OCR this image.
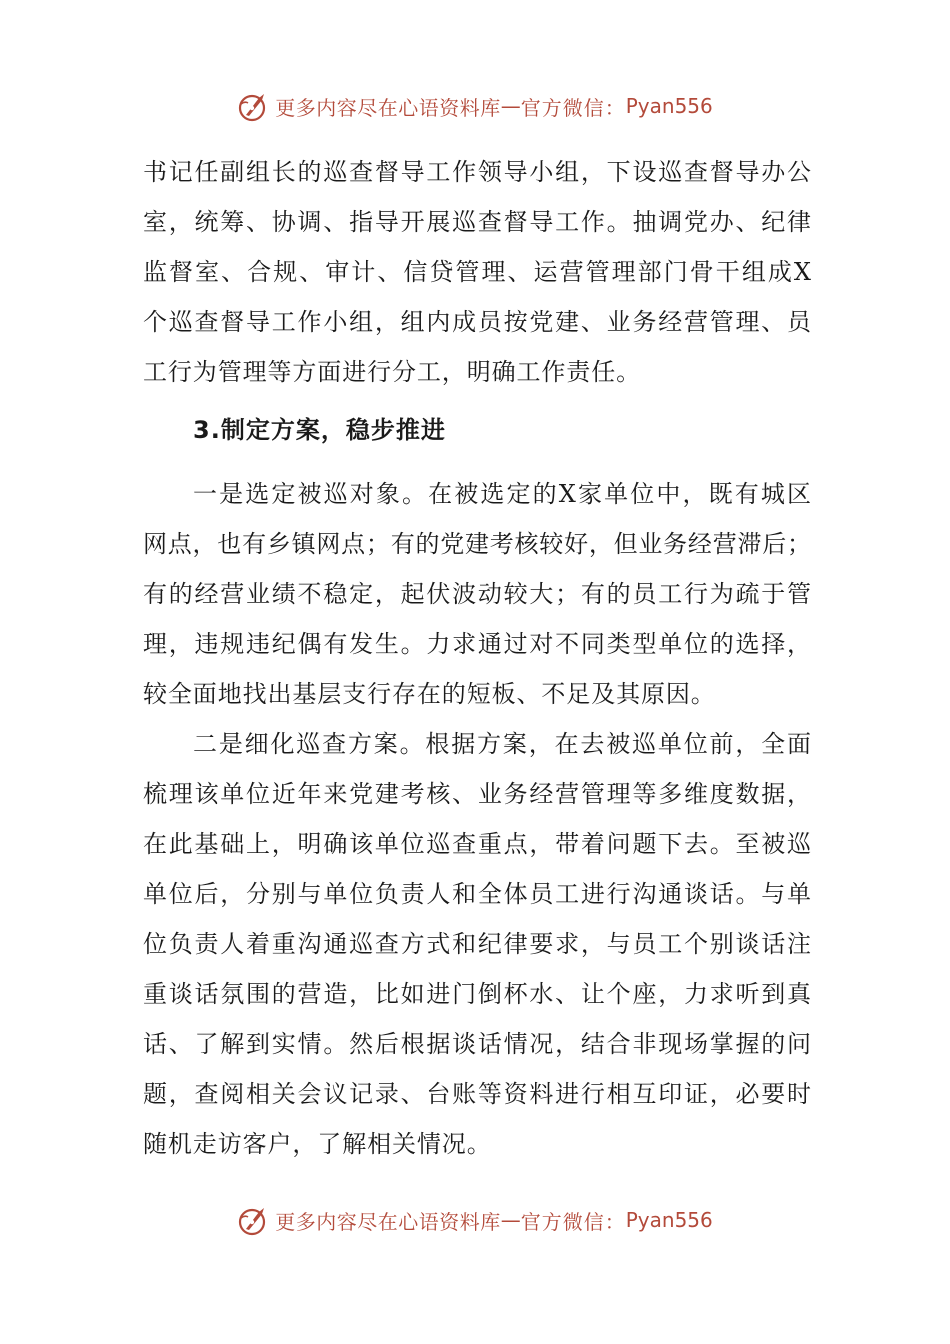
更多内容尽在心语资料库 — 官方微信： Pyan556
书记任副组长的巡查督导工作领导小组，下设巡查督导办公
室，统筹、协调、指导开展巡查督导工作。抽调党办、纪律
监督室、合规、审计、信贷管理、运营管理部门骨干组成X
个巡查督导工作小组，组内成员按党建、业务经营管理、员
工行为管理等方面进行分工，明确工作责任。
3.制定方案，稳步推进
一是选定被巡对象。在被选定的X家单位中，既有城区
网点，也有乡镇网点；有的党建考核较好，但业务经营滞后；
有的经营业绩不稳定，起伏波动较大；有的员工行为疏于管
理，违规违纪偶有发生。力求通过对不同类型单位的选择，
较全面地找出基层支行存在的短板、不足及其原因。
二是细化巡查方案。根据方案，在去被巡单位前，全面
梳理该单位近年来党建考核、业务经营管理等多维度数据，
在此基础上，明确该单位巡查重点，带着问题下去。至被巡
单位后，分别与单位负责人和全体员工进行沟通谈话。与单
位负责人着重沟通巡查方式和纪律要求，与员工个别谈话注
重谈话氛围的营造，比如进门倒杯水、让个座，力求听到真
话、了解到实情。然后根据谈话情况，结合非现场掌握的问
题，查阅相关会议记录、台账等资料进行相互印证，必要时
随机走访客户，了解相关情况。
更多内容尽在心语资料库 — 官方微信： Pyan556
